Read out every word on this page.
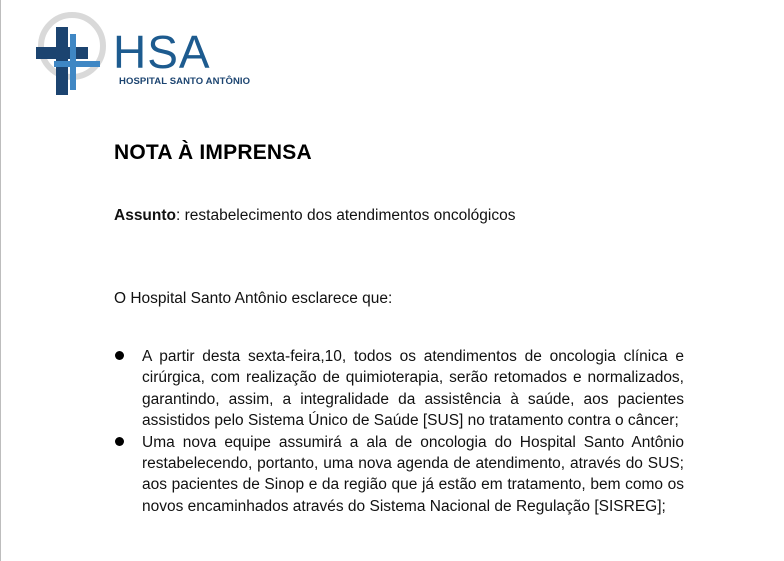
HSA
HOSPITAL SANTO ANTÔNIO
NOTA À IMPRENSA
Assunto: restabelecimento dos atendimentos oncológicos
O Hospital Santo Antônio esclarece que:
A partir desta sexta-feira,10, todos os atendimentos de oncologia clínica e cirúrgica, com realização de quimioterapia, serão retomados e normalizados, garantindo, assim, a integralidade da assistência à saúde, aos pacientes assistidos pelo Sistema Único de Saúde [SUS] no tratamento contra o câncer;
Uma nova equipe assumirá a ala de oncologia do Hospital Santo Antônio restabelecendo, portanto, uma nova agenda de atendimento, através do SUS; aos pacientes de Sinop e da região que já estão em tratamento, bem como os novos encaminhados através do Sistema Nacional de Regulação [SISREG];
